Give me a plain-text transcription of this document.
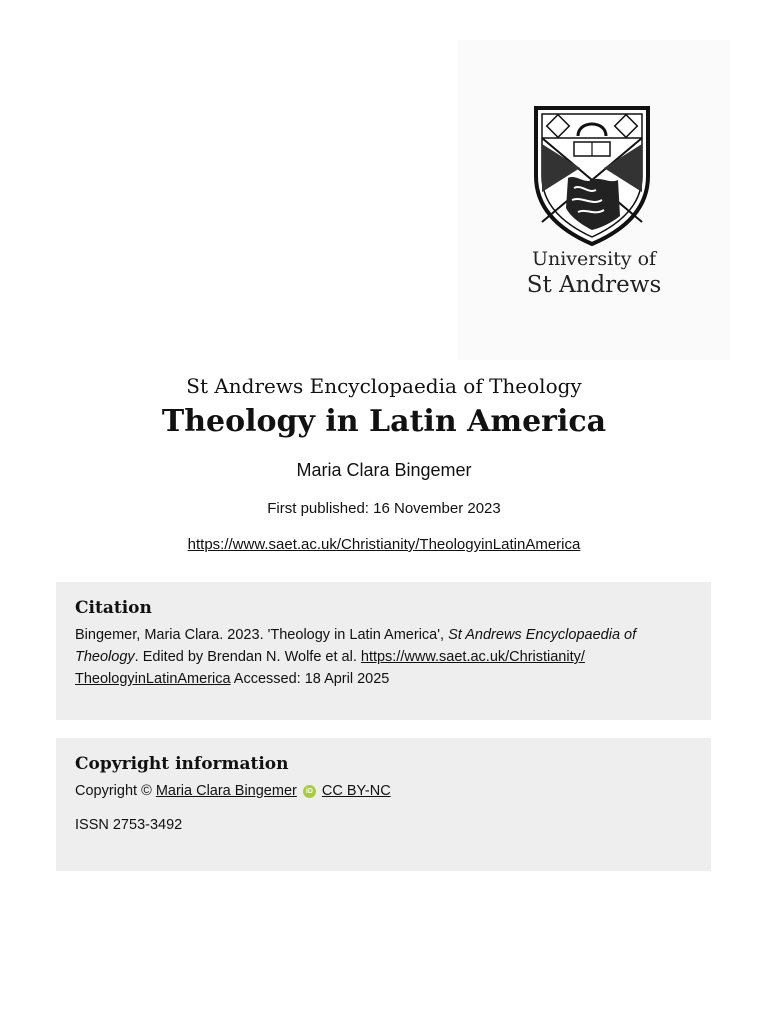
University of
St Andrews
St Andrews Encyclopaedia of Theology
Theology in Latin America
Maria Clara Bingemer
First published: 16 November 2023
https://www.saet.ac.uk/Christianity/TheologyinLatinAmerica
Citation

Bingemer, Maria Clara. 2023. 'Theology in Latin America', St Andrews Encyclopaedia of Theology. Edited by Brendan N. Wolfe et al. https://www.saet.ac.uk/Christianity/
TheologyinLatinAmerica Accessed: 18 April 2025

Copyright information

Copyright © Maria Clara Bingemer iD CC BY-NC

ISSN 2753-3492
